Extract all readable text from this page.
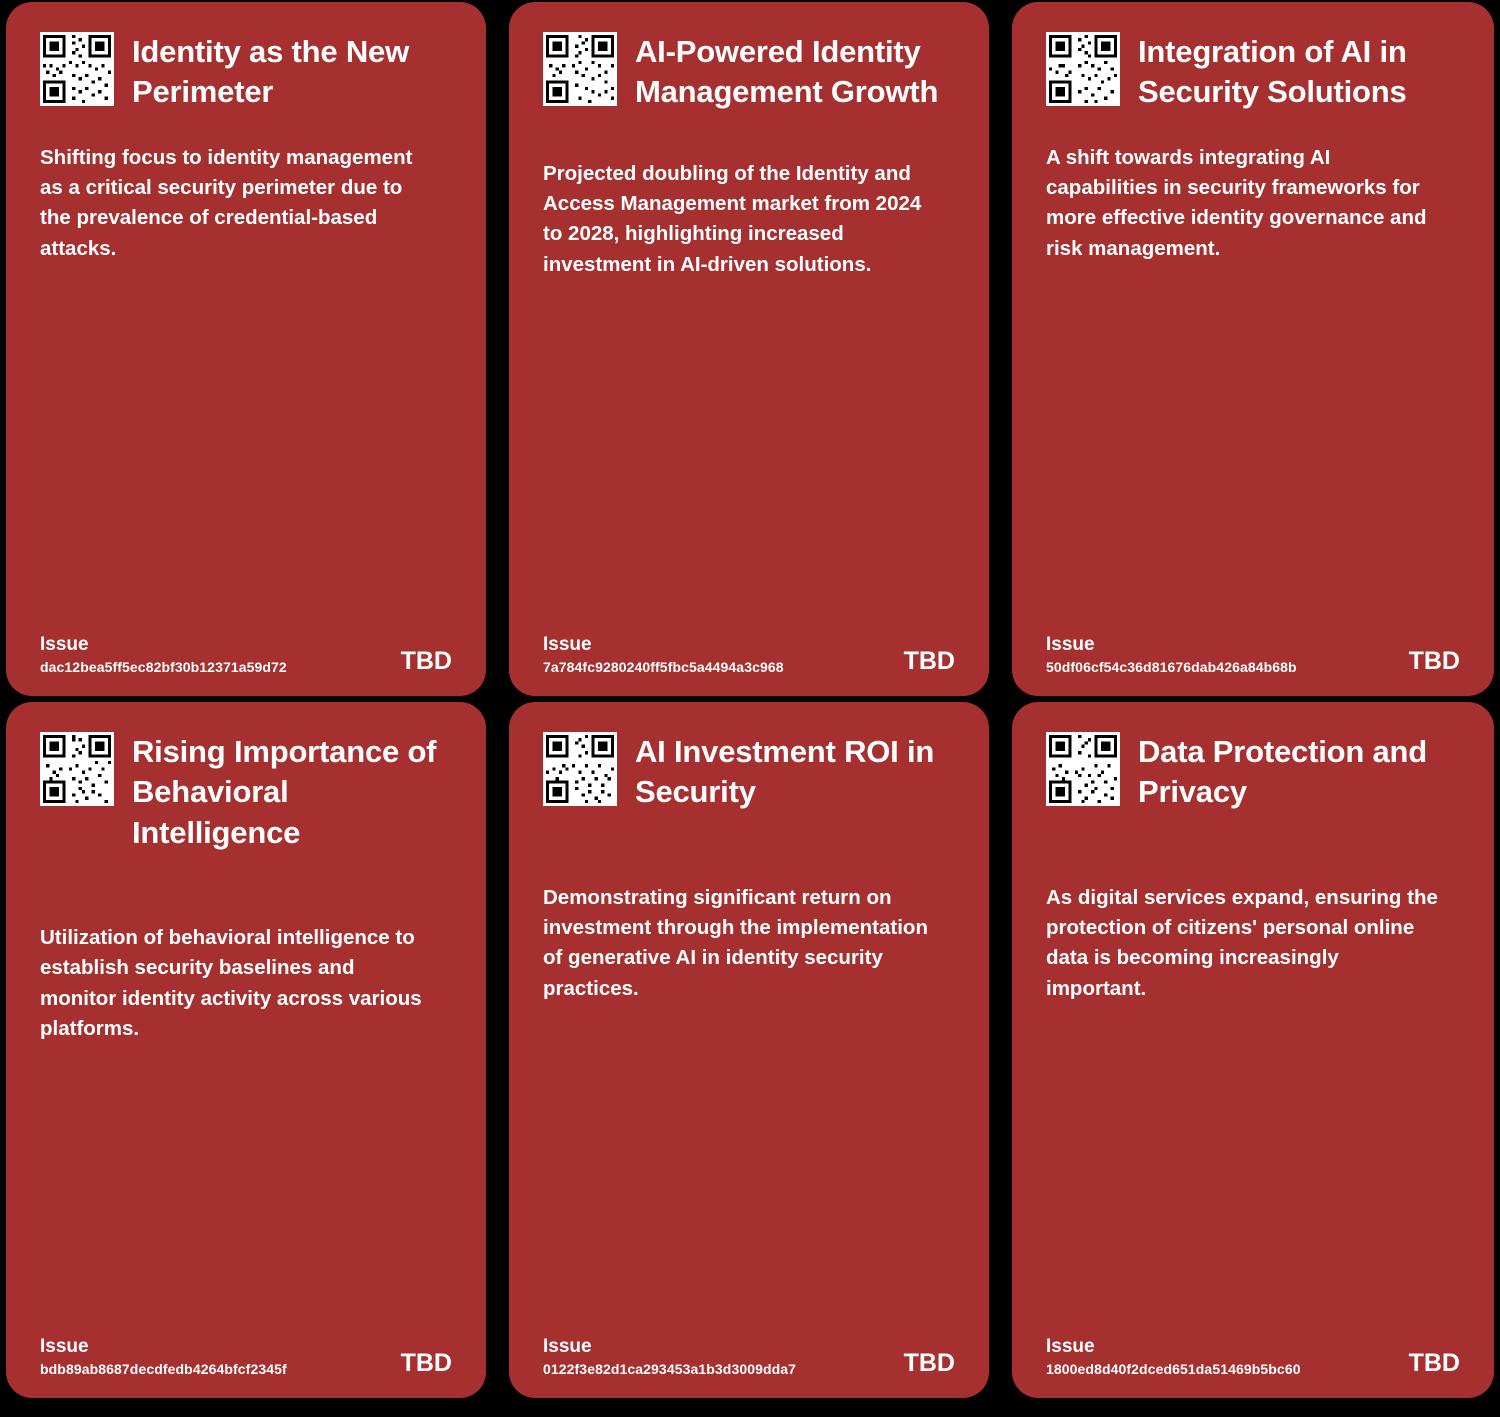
Identity as the New Perimeter
Shifting focus to identity management as a critical security perimeter due to the prevalence of credential-based attacks.
Issue
dac12bea5ff5ec82bf30b12371a59d72	TBD
AI-Powered Identity Management Growth
Projected doubling of the Identity and Access Management market from 2024 to 2028, highlighting increased investment in AI-driven solutions.
Issue
7a784fc9280240ff5fbc5a4494a3c968	TBD
Integration of AI in Security Solutions
A shift towards integrating AI capabilities in security frameworks for more effective identity governance and risk management.
Issue
50df06cf54c36d81676dab426a84b68b	TBD
Rising Importance of Behavioral Intelligence
Utilization of behavioral intelligence to establish security baselines and monitor identity activity across various platforms.
Issue
bdb89ab8687decdfedb4264bfcf2345f	TBD
AI Investment ROI in Security
Demonstrating significant return on investment through the implementation of generative AI in identity security practices.
Issue
0122f3e82d1ca293453a1b3d3009dda7	TBD
Data Protection and Privacy
As digital services expand, ensuring the protection of citizens' personal online data is becoming increasingly important.
Issue
1800ed8d40f2dced651da51469b5bc60	TBD
